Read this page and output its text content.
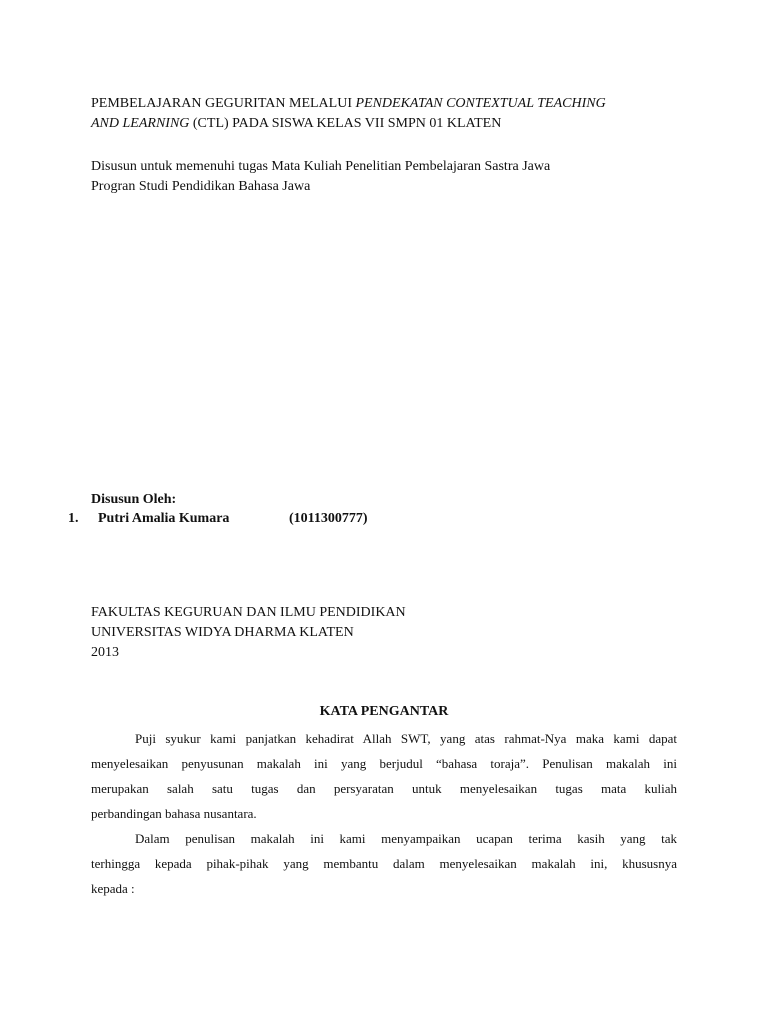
PEMBELAJARAN GEGURITAN MELALUI PENDEKATAN CONTEXTUAL TEACHING
AND LEARNING (CTL) PADA SISWA KELAS VII SMPN 01 KLATEN
Disusun untuk memenuhi tugas Mata Kuliah Penelitian Pembelajaran Sastra Jawa
Progran Studi Pendidikan Bahasa Jawa
Disusun Oleh:
1. Putri Amalia Kumara	(1011300777)
FAKULTAS KEGURUAN DAN ILMU PENDIDIKAN
UNIVERSITAS WIDYA DHARMA KLATEN
2013
KATA PENGANTAR
Puji syukur kami panjatkan kehadirat Allah SWT, yang atas rahmat-Nya maka kami dapat
menyelesaikan penyusunan makalah ini yang berjudul “bahasa toraja”. Penulisan makalah ini
merupakan salah satu tugas dan persyaratan untuk menyelesaikan tugas mata kuliah
perbandingan bahasa nusantara.
Dalam penulisan makalah ini kami menyampaikan ucapan terima kasih yang tak
terhingga kepada pihak-pihak yang membantu dalam menyelesaikan makalah ini, khususnya
kepada :
